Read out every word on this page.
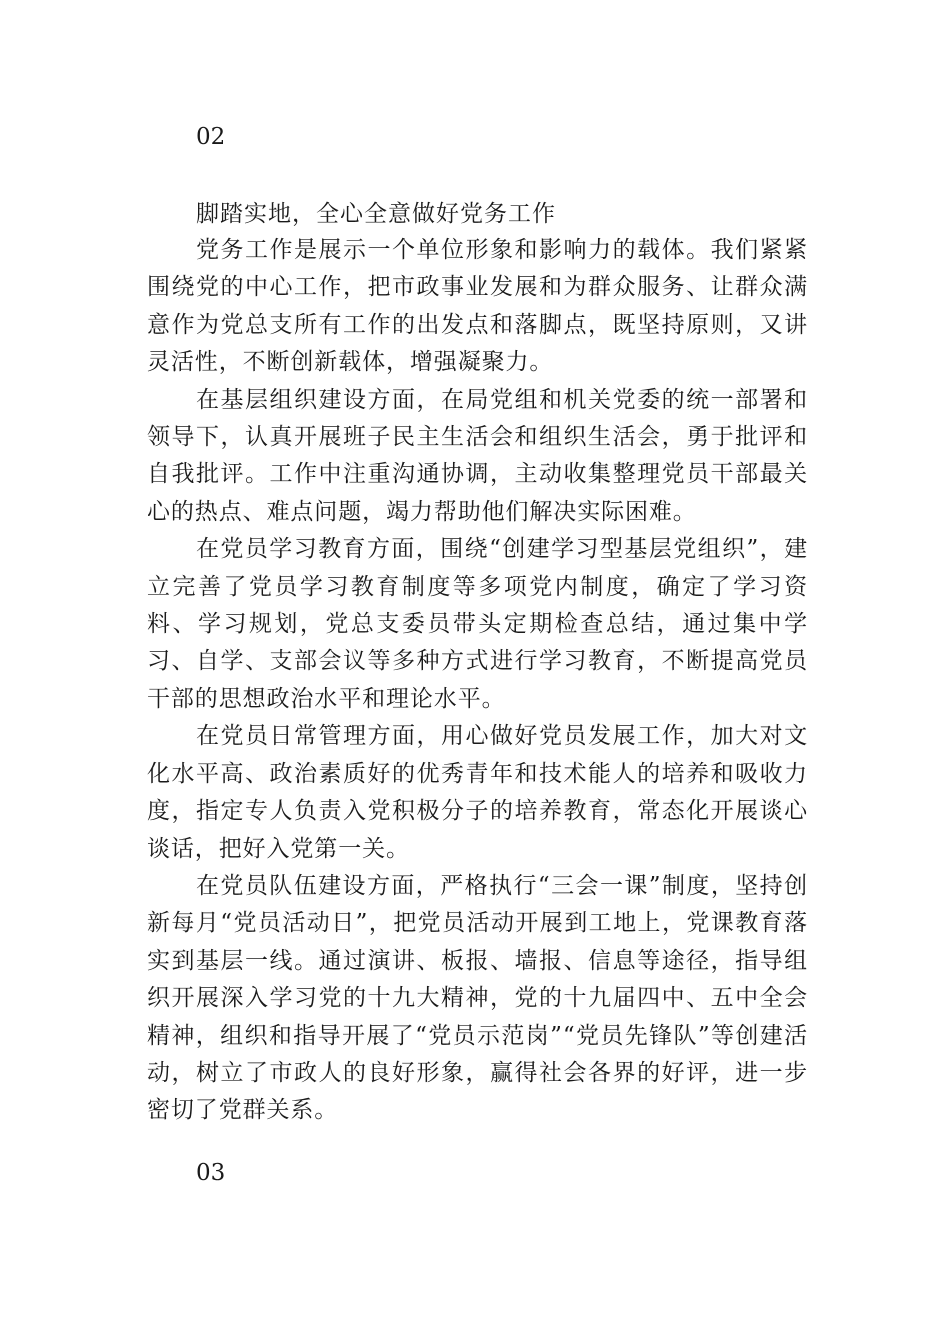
02
脚踏实地，全心全意做好党务工作

党务工作是展示一个单位形象和影响力的载体。我们紧紧围绕党的中心工作，把市政事业发展和为群众服务、让群众满意作为党总支所有工作的出发点和落脚点，既坚持原则，又讲灵活性，不断创新载体，增强凝聚力。

在基层组织建设方面，在局党组和机关党委的统一部署和领导下，认真开展班子民主生活会和组织生活会，勇于批评和自我批评。工作中注重沟通协调，主动收集整理党员干部最关心的热点、难点问题，竭力帮助他们解决实际困难。

在党员学习教育方面，围绕“创建学习型基层党组织”，建立完善了党员学习教育制度等多项党内制度，确定了学习资料、学习规划，党总支委员带头定期检查总结，通过集中学习、自学、支部会议等多种方式进行学习教育，不断提高党员干部的思想政治水平和理论水平。

在党员日常管理方面，用心做好党员发展工作，加大对文化水平高、政治素质好的优秀青年和技术能人的培养和吸收力度，指定专人负责入党积极分子的培养教育，常态化开展谈心谈话，把好入党第一关。

在党员队伍建设方面，严格执行“三会一课”制度，坚持创新每月“党员活动日”，把党员活动开展到工地上，党课教育落实到基层一线。通过演讲、板报、墙报、信息等途径，指导组织开展深入学习党的十九大精神，党的十九届四中、五中全会精神，组织和指导开展了“党员示范岗”“党员先锋队”等创建活动，树立了市政人的良好形象，赢得社会各界的好评，进一步密切了党群关系。

03
